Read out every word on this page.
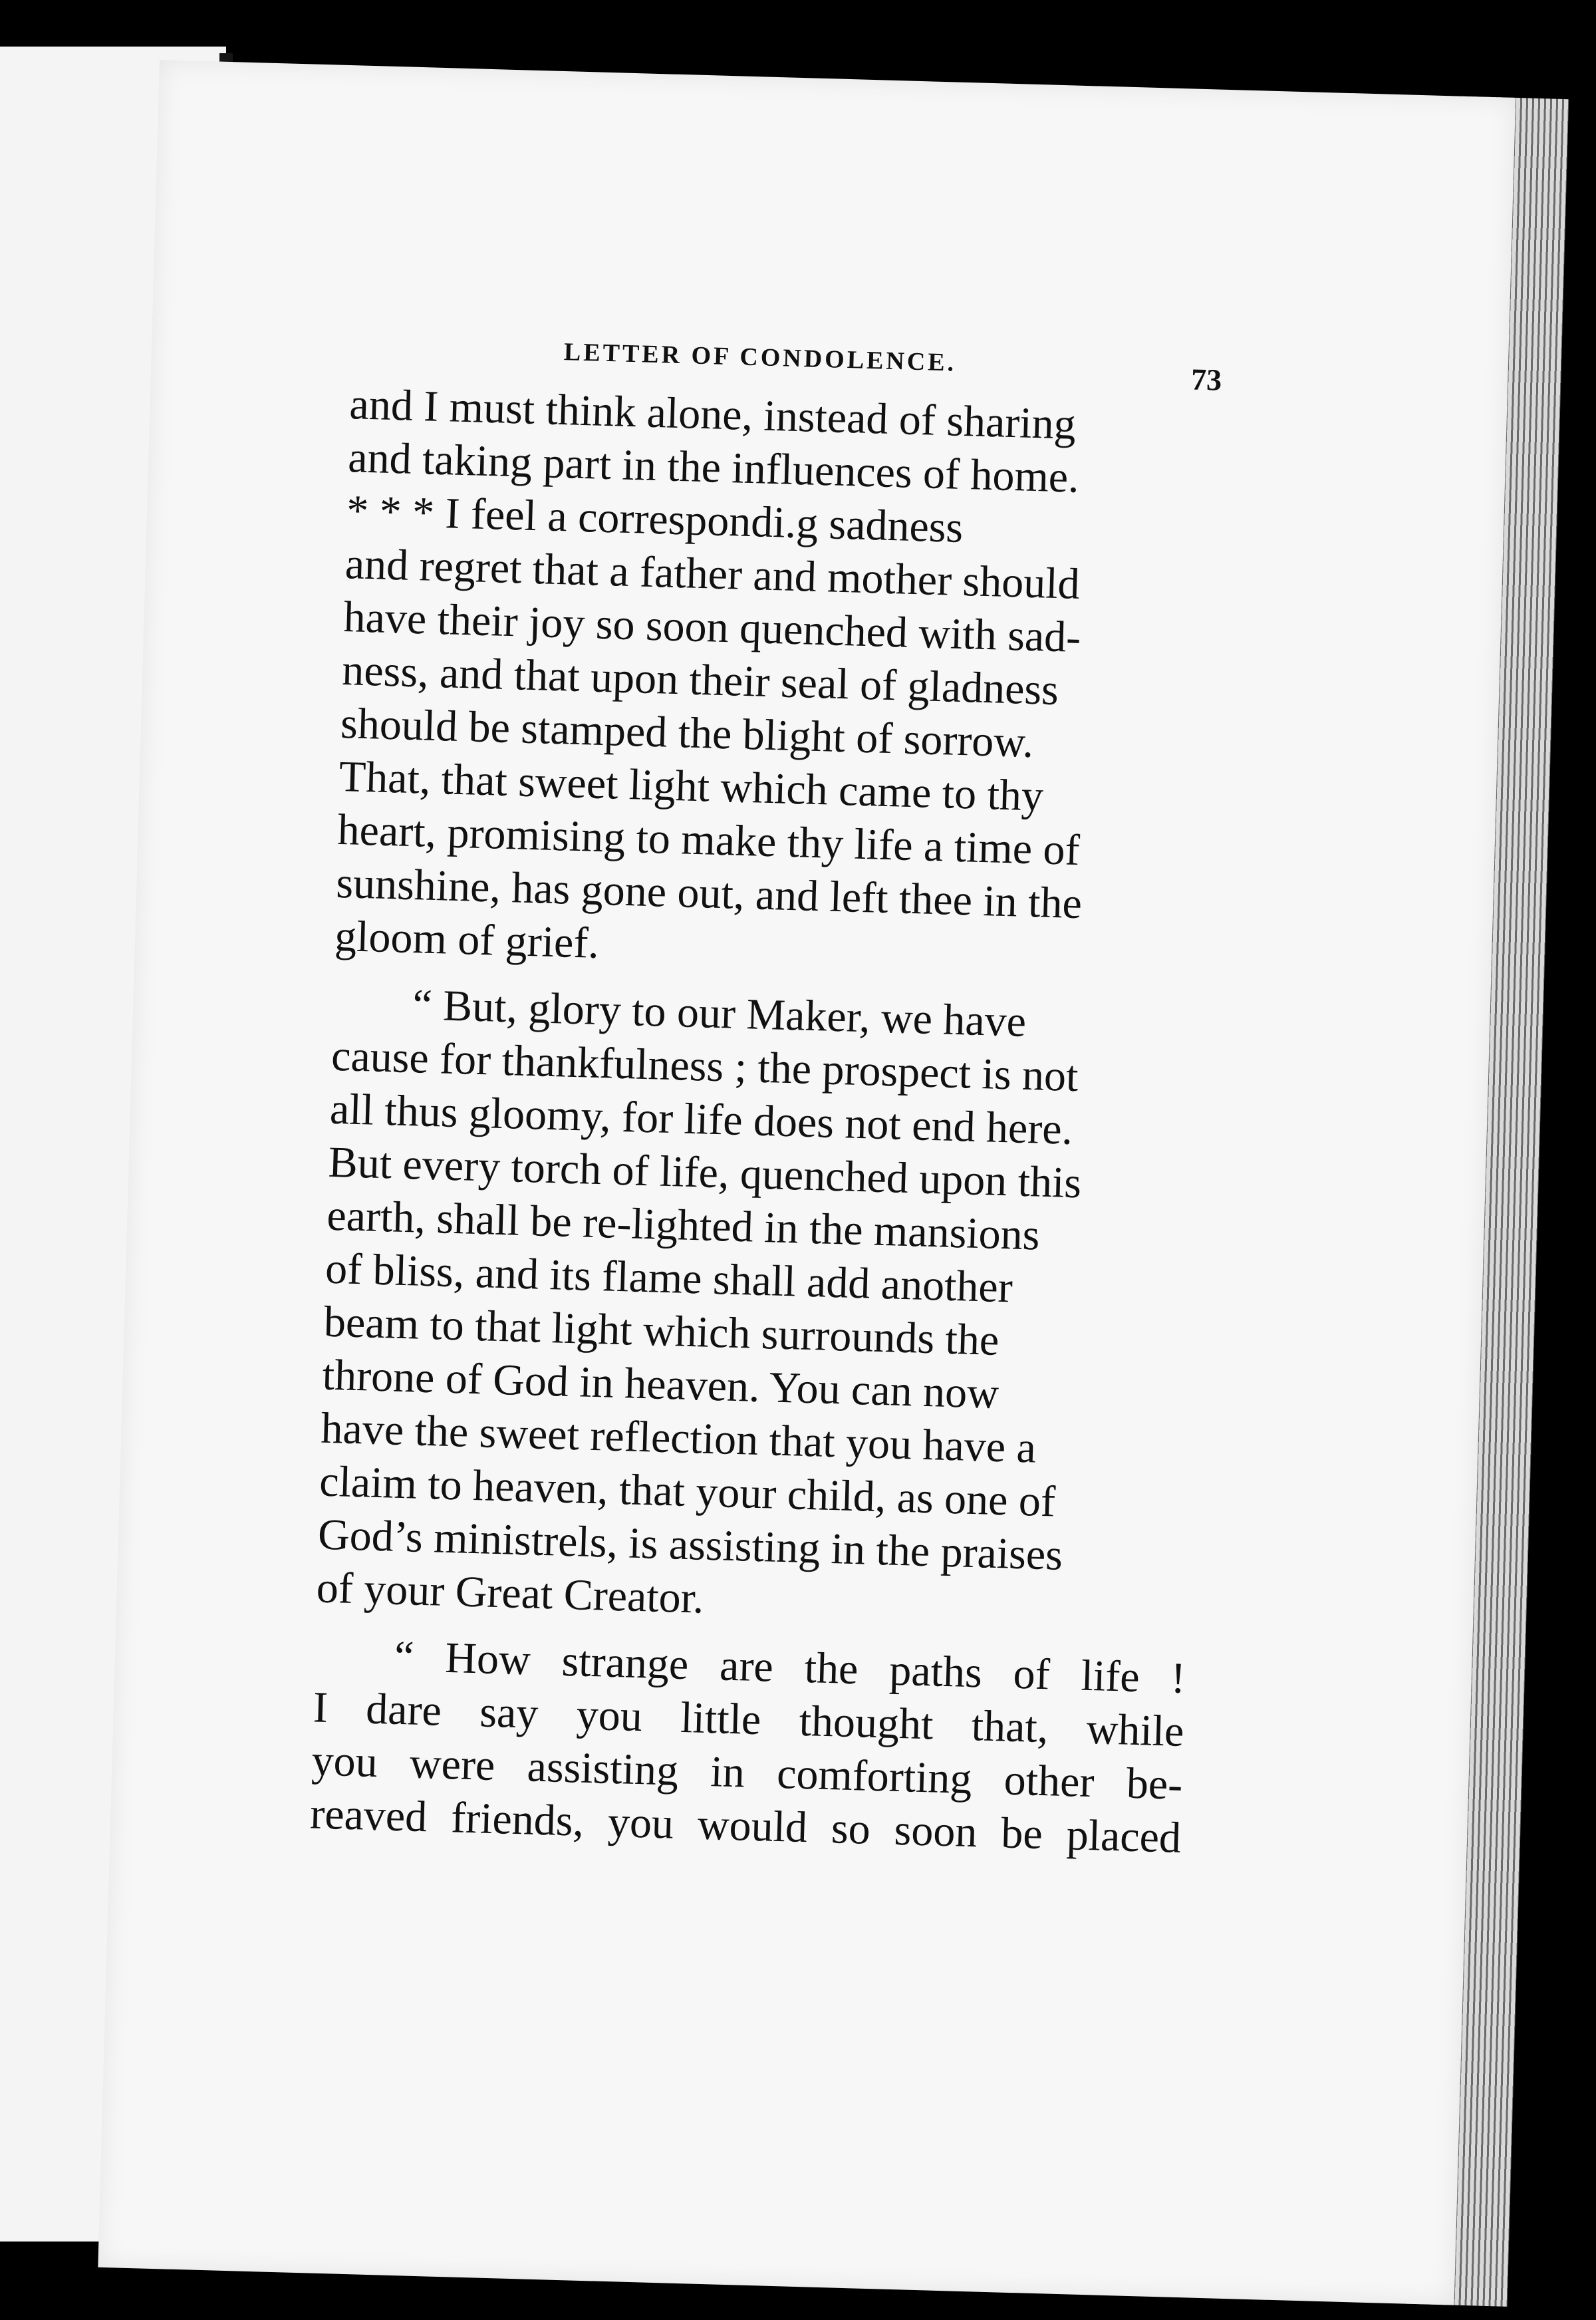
LETTER OF CONDOLENCE.
73

and I must think alone, instead of sharing
and taking part in the influences of home.
* * * I feel a correspondi.g sadness
and regret that a father and mother should
have their joy so soon quenched with sad-
ness, and that upon their seal of gladness
should be stamped the blight of sorrow.
That, that sweet light which came to thy
heart, promising to make thy life a time of
sunshine, has gone out, and left thee in the
gloom of grief.

“ But, glory to our Maker, we have
cause for thankfulness ; the prospect is not
all thus gloomy, for life does not end here.
But every torch of life, quenched upon this
earth, shall be re-lighted in the mansions
of bliss, and its flame shall add another
beam to that light which surrounds the
throne of God in heaven. You can now
have the sweet reflection that you have a
claim to heaven, that your child, as one of
God’s ministrels, is assisting in the praises
of your Great Creator.

“ How strange are the paths of life !
I dare say you little thought that, while
you were assisting in comforting other be-
reaved friends, you would so soon be placed
